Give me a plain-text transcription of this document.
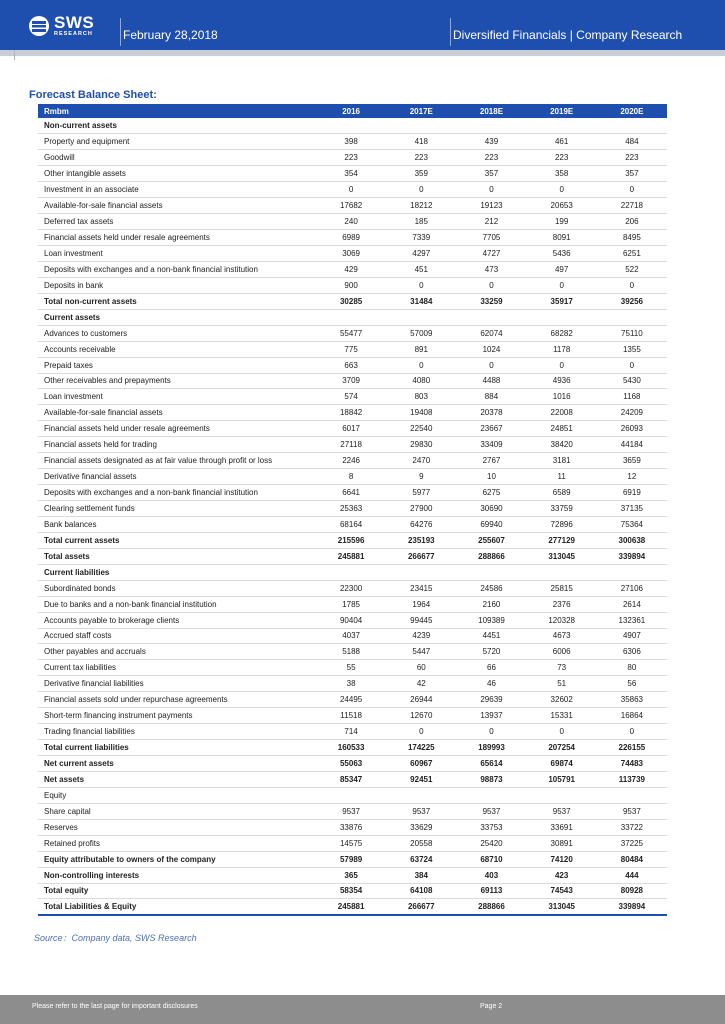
SWS
RESEARCH	February 28,2018	Diversified Financials | Company Research
Forecast Balance Sheet:
Rmbm	2016	2017E	2018E	2019E	2020E
Non-current assets					
Property and equipment	398	418	439	461	484
Goodwill	223	223	223	223	223
Other intangible assets	354	359	357	358	357
Investment in an associate	0	0	0	0	0
Available-for-sale financial assets	17682	18212	19123	20653	22718
Deferred tax assets	240	185	212	199	206
Financial assets held under resale agreements	6989	7339	7705	8091	8495
Loan investment	3069	4297	4727	5436	6251
Deposits with exchanges and a non-bank financial institution	429	451	473	497	522
Deposits in bank	900	0	0	0	0
Total non-current assets	30285	31484	33259	35917	39256
Current assets					
Advances to customers	55477	57009	62074	68282	75110
Accounts receivable	775	891	1024	1178	1355
Prepaid taxes	663	0	0	0	0
Other receivables and prepayments	3709	4080	4488	4936	5430
Loan investment	574	803	884	1016	1168
Available-for-sale financial assets	18842	19408	20378	22008	24209
Financial assets held under resale agreements	6017	22540	23667	24851	26093
Financial assets held for trading	27118	29830	33409	38420	44184
Financial assets designated as at fair value through profit or loss	2246	2470	2767	3181	3659
Derivative financial assets	8	9	10	11	12
Deposits with exchanges and a non-bank financial institution	6641	5977	6275	6589	6919
Clearing settlement funds	25363	27900	30690	33759	37135
Bank balances	68164	64276	69940	72896	75364
Total current assets	215596	235193	255607	277129	300638
Total assets	245881	266677	288866	313045	339894
Current liabilities					
Subordinated bonds	22300	23415	24586	25815	27106
Due to banks and a non-bank financial institution	1785	1964	2160	2376	2614
Accounts payable to brokerage clients	90404	99445	109389	120328	132361
Accrued staff costs	4037	4239	4451	4673	4907
Other payables and accruals	5188	5447	5720	6006	6306
Current tax liabilities	55	60	66	73	80
Derivative financial liabilities	38	42	46	51	56
Financial assets sold under repurchase agreements	24495	26944	29639	32602	35863
Short-term financing instrument payments	11518	12670	13937	15331	16864
Trading financial liabilities	714	0	0	0	0
Total current liabilities	160533	174225	189993	207254	226155
Net current assets	55063	60967	65614	69874	74483
Net assets	85347	92451	98873	105791	113739
Equity					
Share capital	9537	9537	9537	9537	9537
Reserves	33876	33629	33753	33691	33722
Retained profits	14575	20558	25420	30891	37225
Equity attributable to owners of the company	57989	63724	68710	74120	80484
Non-controlling interests	365	384	403	423	444
Total equity	58354	64108	69113	74543	80928
Total Liabilities & Equity	245881	266677	288866	313045	339894
Source：Company data, SWS Research
Please refer to the last page for important disclosures	Page 2
